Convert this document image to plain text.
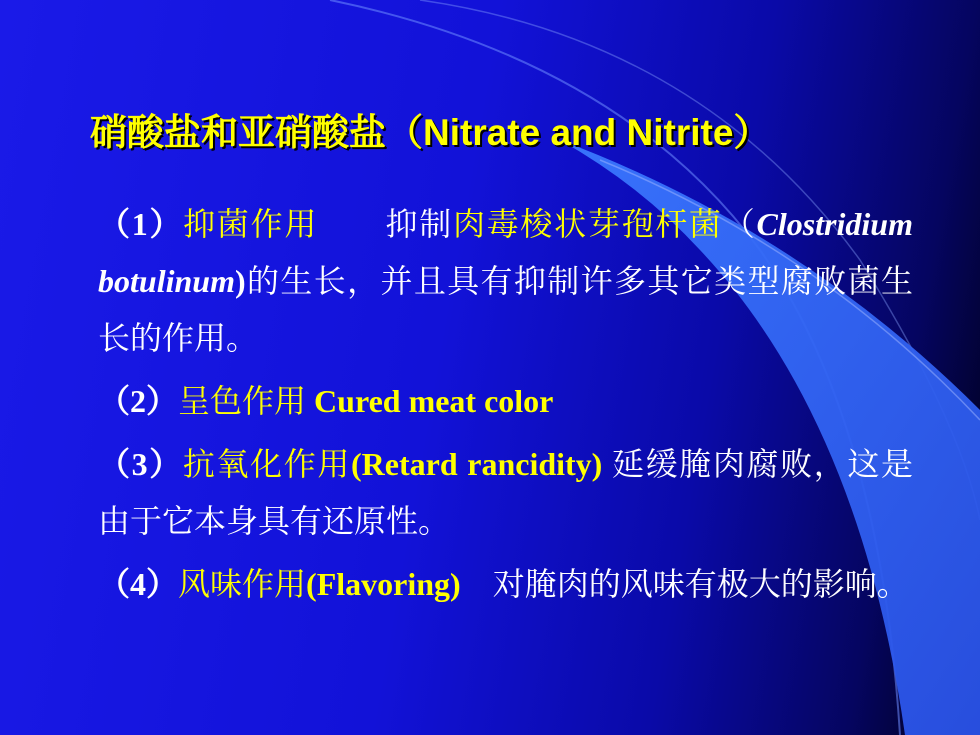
硝酸盐和亚硝酸盐（Nitrate and Nitrite）

（1）抑菌作用　　 抑制肉毒梭状芽孢杆菌（Clostridium botulinum)的生长，并且具有抑制许多其它类型腐败菌生长的作用。

（2）呈色作用 Cured meat color

（3）抗氧化作用(Retard rancidity) 延缓腌肉腐败，这是由于它本身具有还原性。

（4）风味作用(Flavoring)　 对腌肉的风味有极大的影响。
